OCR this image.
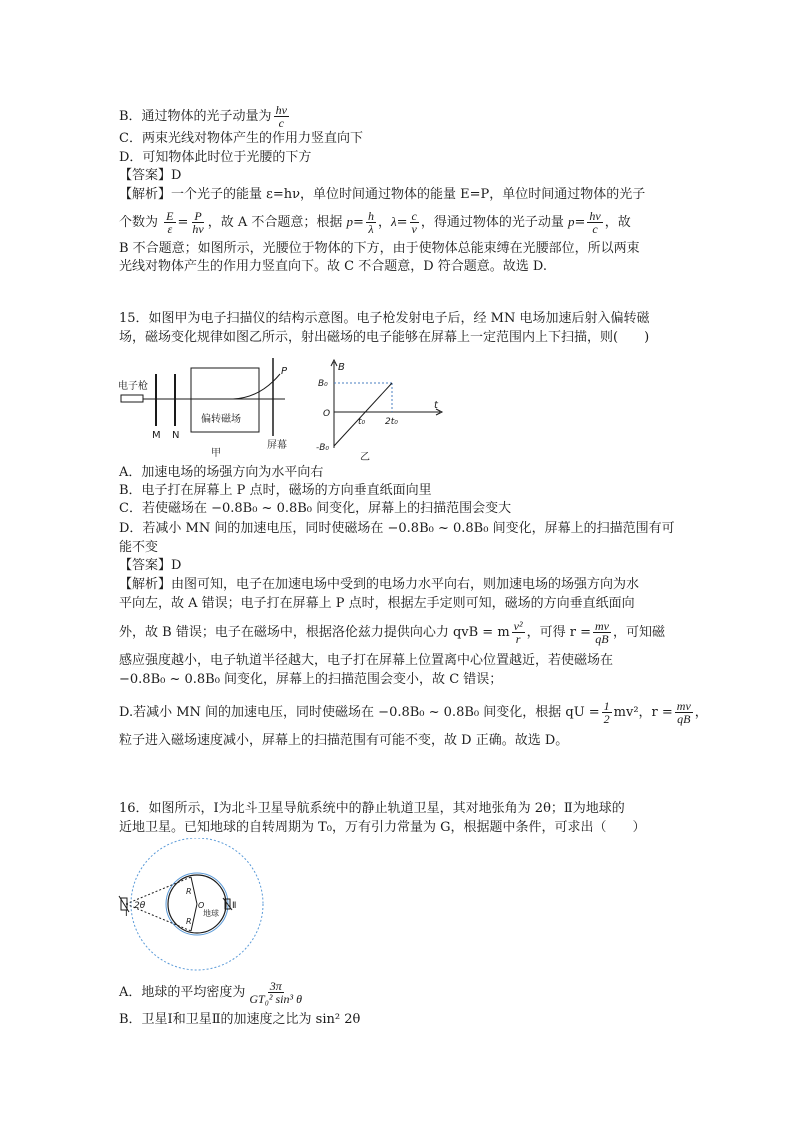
B．通过物体的光子动量为 $\frac{h\nu}{c}$
C．两束光线对物体产生的作用力竖直向下
D．可知物体此时位于光腰的下方
【答案】D
【解析】一个光子的能量 ε=hν，单位时间通过物体的能量 E=P，单位时间通过物体的光子
个数为 $\frac{E}{\varepsilon} = \frac{P}{h\nu}$ ，故 A 不合题意；根据 $p= \frac{h}{\lambda}$ ，$\lambda= \frac{c}{\nu}$ ，得通过物体的光子动量 $p= \frac{h\nu}{c}$ ，故
B 不合题意；如图所示，光腰位于物体的下方，由于使物体总能束缚在光腰部位，所以两束
光线对物体产生的作用力竖直向下。故 C 不合题意，D 符合题意。故选 D.
15．如图甲为电子扫描仪的结构示意图。电子枪发射电子后，经 MN 电场加速后射入偏转磁
场，磁场变化规律如图乙所示，射出磁场的电子能够在屏幕上一定范围内上下扫描，则(　　)
电子枪
M N
偏转磁场
P
屏幕
甲
B
B₀
O
-B₀
t₀ 2t₀
t
乙
A．加速电场的场强方向为水平向右
B．电子打在屏幕上 P 点时，磁场的方向垂直纸面向里
C．若使磁场在 −0.8B₀ ~ 0.8B₀ 间变化，屏幕上的扫描范围会变大
D．若减小 MN 间的加速电压，同时使磁场在 −0.8B₀ ~ 0.8B₀ 间变化，屏幕上的扫描范围有可
能不变
【答案】D
【解析】由图可知，电子在加速电场中受到的电场力水平向右，则加速电场的场强方向为水
平向左，故 A 错误；电子打在屏幕上 P 点时，根据左手定则可知，磁场的方向垂直纸面向
外，故 B 错误；电子在磁场中，根据洛伦兹力提供向心力 qvB = m $\frac{\text{v²}}{r}$ ，可得 $r = \frac{mv}{qB}$ ，可知磁
感应强度越小，电子轨道半径越大，电子打在屏幕上位置离中心位置越近，若使磁场在
−0.8B₀ ~ 0.8B₀ 间变化，屏幕上的扫描范围会变小，故 C 错误；
D.若减小 MN 间的加速电压，同时使磁场在 −0.8B₀ ~ 0.8B₀ 间变化，根据 qU = $\frac{1}{2} mv^2$，$r = \frac{mv}{qB}$ ，
粒子进入磁场速度减小，屏幕上的扫描范围有可能不变，故 D 正确。故选 D。
16．如图所示，Ⅰ为北斗卫星导航系统中的静止轨道卫星，其对地张角为 2θ；Ⅱ为地球的
近地卫星。已知地球的自转周期为 T₀，万有引力常量为 G，根据题中条件，可求出（　　）
Ⅰ
2θ	Ⅱ
R
R
O
地球
A．地球的平均密度为 $\frac{3\pi}{\text{GT₀² sin³ θ}}$
B．卫星Ⅰ和卫星Ⅱ的加速度之比为 sin² 2θ
